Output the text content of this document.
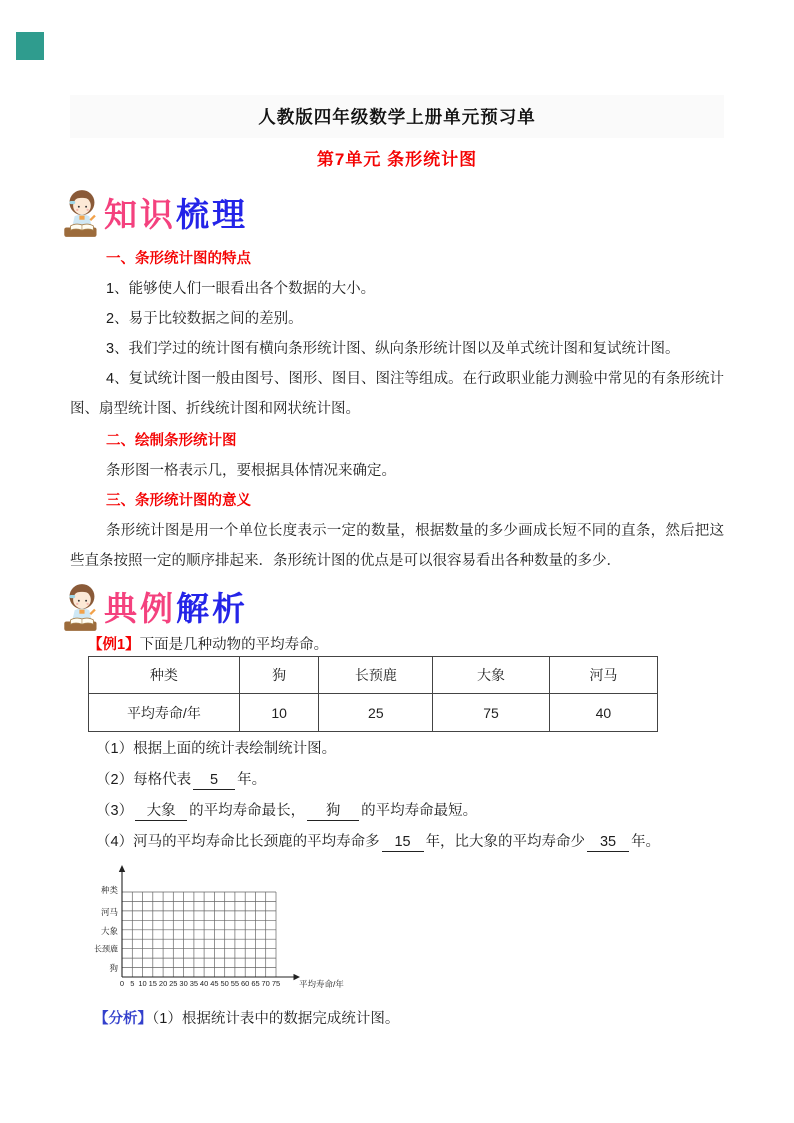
人教版四年级数学上册单元预习单
第7单元 条形统计图
知识梳理
一、条形统计图的特点
1、能够使人们一眼看出各个数据的大小。
2、易于比较数据之间的差别。
3、我们学过的统计图有横向条形统计图、纵向条形统计图以及单式统计图和复试统计图。
4、复试统计图一般由图号、图形、图目、图注等组成。在行政职业能力测验中常见的有条形统计图、扇型统计图、折线统计图和网状统计图。
二、绘制条形统计图
条形图一格表示几，要根据具体情况来确定。
三、条形统计图的意义
条形统计图是用一个单位长度表示一定的数量，根据数量的多少画成长短不同的直条，然后把这些直条按照一定的顺序排起来．条形统计图的优点是可以很容易看出各种数量的多少．
典例解析
【例1】下面是几种动物的平均寿命。
种类	狗	长预鹿	大象	河马
平均寿命/年	10	25	75	40
（1）根据上面的统计表绘制统计图。
（2）每格代表 5 年。
（3） 大象 的平均寿命最长， 狗 的平均寿命最短。
（4）河马的平均寿命比长颈鹿的平均寿命多 15 年，比大象的平均寿命少 35 年。
种类
河马
大象
长颈鹿
狗
0 5 10 15 20 25 30 35 40 45 50 55 60 65 70 75 平均寿命/年
【分析】（1）根据统计表中的数据完成统计图。
